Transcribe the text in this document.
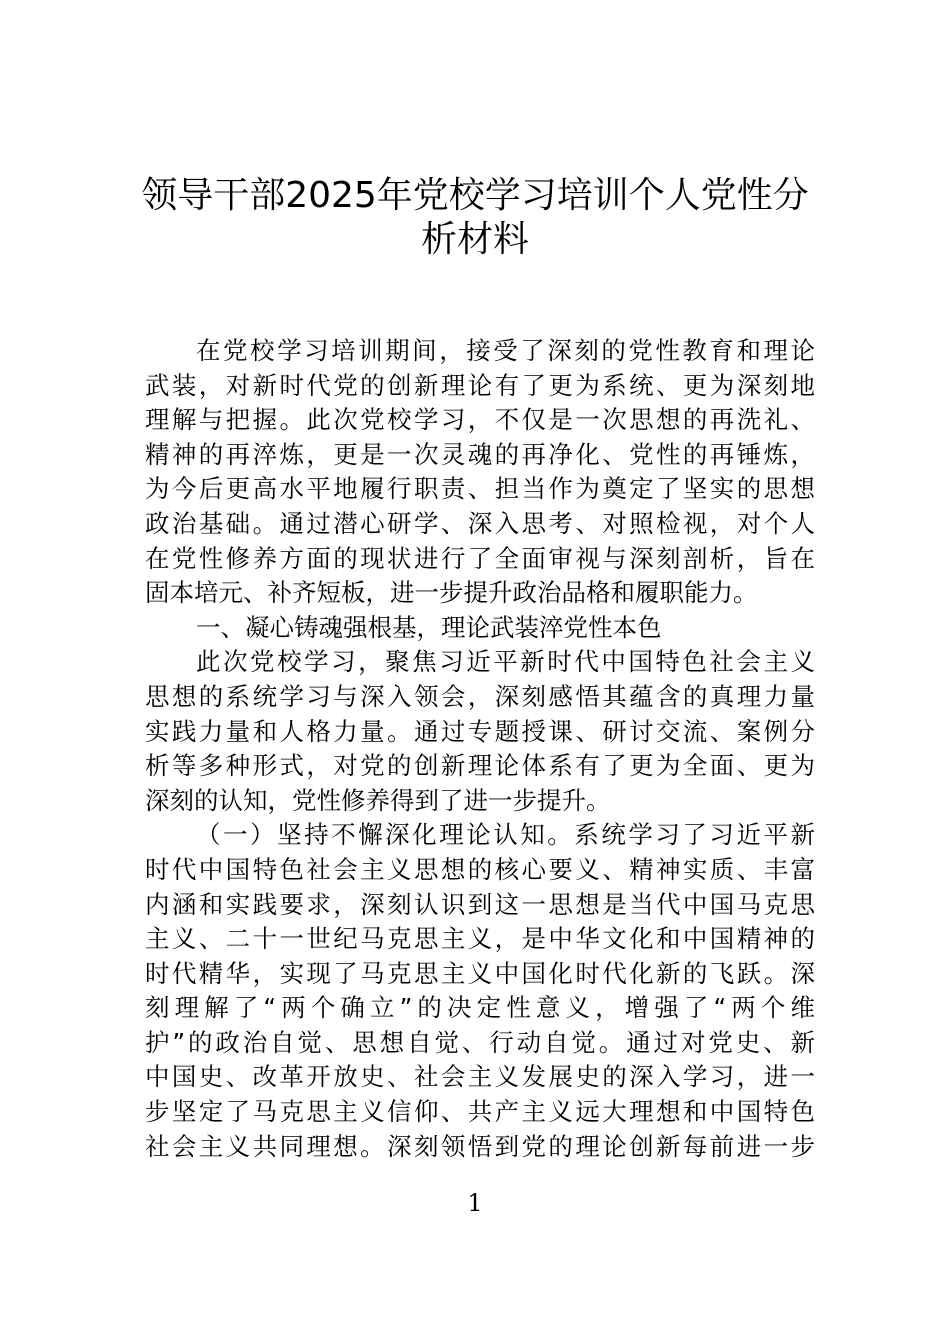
领导干部2025年党校学习培训个人党性分
析材料
在党校学习培训期间，接受了深刻的党性教育和理论
武装，对新时代党的创新理论有了更为系统、更为深刻地
理解与把握。此次党校学习，不仅是一次思想的再洗礼、
精神的再淬炼，更是一次灵魂的再净化、党性的再锤炼，
为今后更高水平地履行职责、担当作为奠定了坚实的思想
政治基础。通过潜心研学、深入思考、对照检视，对个人
在党性修养方面的现状进行了全面审视与深刻剖析，旨在
固本培元、补齐短板，进一步提升政治品格和履职能力。
一、凝心铸魂强根基，理论武装淬党性本色
此次党校学习，聚焦习近平新时代中国特色社会主义
思想的系统学习与深入领会，深刻感悟其蕴含的真理力量
实践力量和人格力量。通过专题授课、研讨交流、案例分
析等多种形式，对党的创新理论体系有了更为全面、更为
深刻的认知，党性修养得到了进一步提升。
（一）坚持不懈深化理论认知。系统学习了习近平新
时代中国特色社会主义思想的核心要义、精神实质、丰富
内涵和实践要求，深刻认识到这一思想是当代中国马克思
主义、二十一世纪马克思主义，是中华文化和中国精神的
时代精华，实现了马克思主义中国化时代化新的飞跃。深
刻理解了“两个确立”的决定性意义，增强了“两个维
护”的政治自觉、思想自觉、行动自觉。通过对党史、新
中国史、改革开放史、社会主义发展史的深入学习，进一
步坚定了马克思主义信仰、共产主义远大理想和中国特色
社会主义共同理想。深刻领悟到党的理论创新每前进一步
1
